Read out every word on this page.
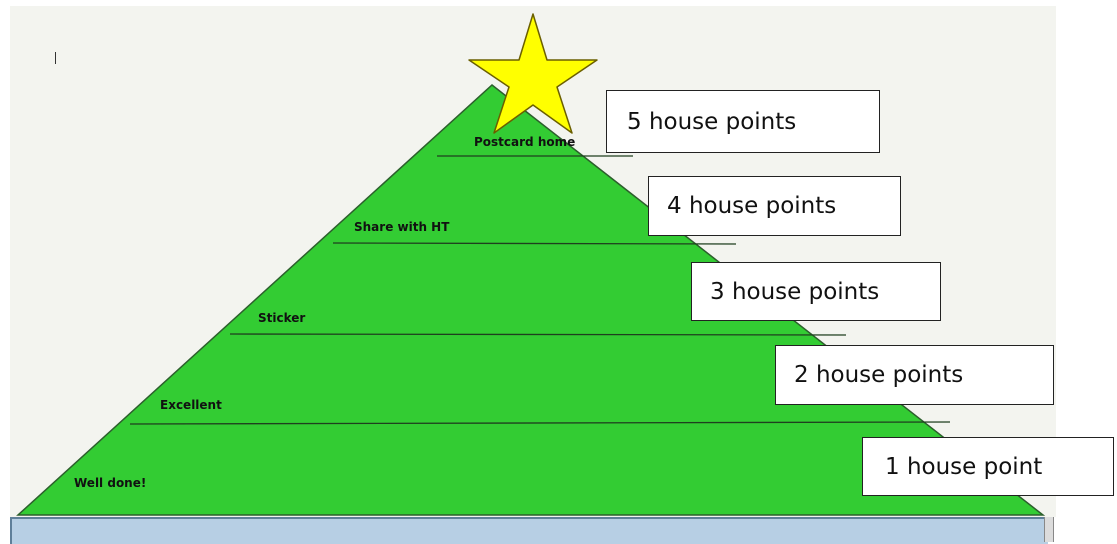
Postcard home
Share with HT
Sticker
Excellent
Well done!
5 house points
4 house points
3 house points
2 house points
1 house point
